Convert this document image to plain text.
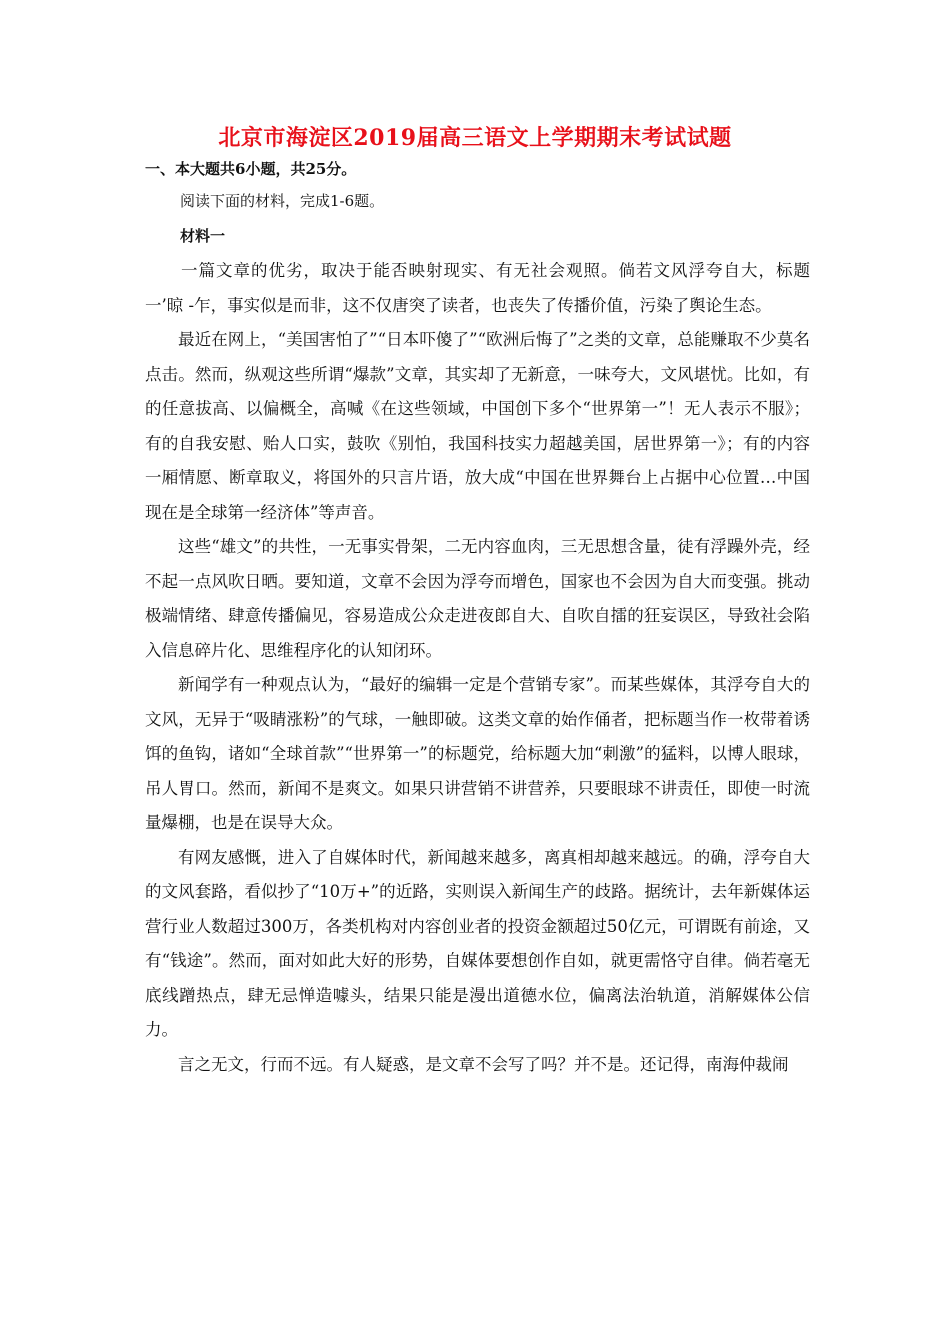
北京市海淀区2019届高三语文上学期期末考试试题

一、本大题共6小题，共25分。

阅读下面的材料，完成1-6题。

材料一

一篇文章的优劣，取决于能否映射现实、有无社会观照。倘若文风浮夸自大，标题一’晾 -乍，事实似是而非，这不仅唐突了读者，也丧失了传播价值，污染了舆论生态。

最近在网上，“美国害怕了”“日本吓傻了”“欧洲后悔了”之类的文章，总能赚取不少莫名点击。然而，纵观这些所谓“爆款”文章，其实却了无新意，一味夸大，文风堪忧。比如，有的任意拔高、以偏概全，高喊《在这些领域，中国创下多个“世界第一”！无人表示不服》；有的自我安慰、贻人口实，鼓吹《别怕，我国科技实力超越美国，居世界第一》；有的内容一厢情愿、断章取义，将国外的只言片语，放大成“中国在世界舞台上占据中心位置…中国现在是全球第一经济体”等声音。

这些“雄文”的共性，一无事实骨架，二无内容血肉，三无思想含量，徒有浮躁外壳，经不起一点风吹日晒。要知道，文章不会因为浮夸而增色，国家也不会因为自大而变强。挑动极端情绪、肆意传播偏见，容易造成公众走进夜郎自大、自吹自擂的狂妄误区，导致社会陷入信息碎片化、思维程序化的认知闭环。

新闻学有一种观点认为，“最好的编辑一定是个营销专家”。而某些媒体，其浮夸自大的文风，无异于“吸睛涨粉”的气球，一触即破。这类文章的始作俑者，把标题当作一枚带着诱饵的鱼钩，诸如“全球首款”“世界第一”的标题党，给标题大加“刺激”的猛料，以博人眼球，吊人胃口。然而，新闻不是爽文。如果只讲营销不讲营养，只要眼球不讲责任，即使一时流量爆棚，也是在误导大众。

有网友感慨，进入了自媒体时代，新闻越来越多，离真相却越来越远。的确，浮夸自大的文风套路，看似抄了“10万+”的近路，实则误入新闻生产的歧路。据统计，去年新媒体运营行业人数超过300万，各类机构对内容创业者的投资金额超过50亿元，可谓既有前途，又有“钱途”。然而，面对如此大好的形势，自媒体要想创作自如，就更需恪守自律。倘若毫无底线蹭热点，肆无忌惮造噱头，结果只能是漫出道德水位，偏离法治轨道，消解媒体公信力。

言之无文，行而不远。有人疑惑，是文章不会写了吗？并不是。还记得，南海仲裁闹
